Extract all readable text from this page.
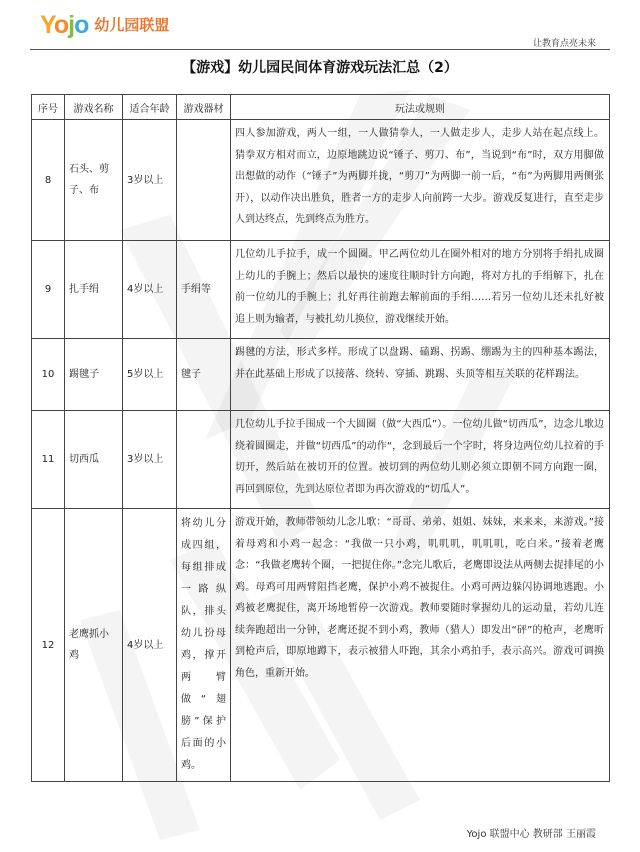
Yojo 幼儿园联盟
让教育点亮未来
【游戏】幼儿园民间体育游戏玩法汇总（2）
序号	游戏名称	适合年龄	游戏器材	玩法或规则
8	石头、剪子、布	3岁以上		四人参加游戏，两人一组，一人做猜拳人，一人做走步人，走步人站在起点线上。猜拳双方相对而立，边原地跳边说“锤子、剪刀、布”，当说到“布”时，双方用脚做出想做的动作（“锤子”为两脚并拢，“剪刀”为两脚一前一后，“布”为两脚用两侧张开），以动作决出胜负，胜者一方的走步人向前跨一大步。游戏反复进行，直至走步人到达终点，先到终点为胜方。
9	扎手绢	4岁以上	手绢等	几位幼儿手拉手，成一个圆圈。甲乙两位幼儿在圈外相对的地方分别将手绢扎成圈上幼儿的手腕上；然后以最快的速度往顺时针方向跑，将对方扎的手绢解下，扎在前一位幼儿的手腕上；扎好再往前跑去解前面的手绢……若另一位幼儿还未扎好被追上则为输者，与被扎幼儿换位，游戏继续开始。
10	踢毽子	5岁以上	毽子	踢毽的方法，形式多样。形成了以盘踢、磕踢、拐踢、绷踢为主的四种基本踢法，并在此基础上形成了以接落、绕转、穿插、跳踢、头顶等相互关联的花样踢法。
11	切西瓜	3岁以上		几位幼儿手拉手围成一个大圆圈（做“大西瓜”）。一位幼儿做“切西瓜”，边念儿歌边绕着圆圈走，并做“切西瓜”的动作“，念到最后一个字时，将身边两位幼儿拉着的手切开，然后站在被切开的位置。被切到的两位幼儿则必须立即朝不同方向跑一圈，再回到原位，先到达原位者即为再次游戏的“切瓜人”。
12	老鹰抓小鸡	4岁以上	将幼儿分成四组，每组排成一路纵队，排头幼儿扮母鸡，撑开两臂做“翅膀”保护后面的小鸡。	游戏开始，教师带领幼儿念儿歌：“哥哥、弟弟、姐姐、妹妹，来来来，来游戏。”接着母鸡和小鸡一起念：“我做一只小鸡，叽叽叽，叽叽叽，吃白米。”接着老鹰念：“我做老鹰转个圈，一把捉住你。”念完儿歌后，老鹰即设法从两侧去捉排尾的小鸡。母鸡可用两臂阻挡老鹰，保护小鸡不被捉住。小鸡可两边躲闪协调地逃跑。小鸡被老鹰捉住，离开场地暂停一次游戏。教师要随时掌握幼儿的运动量，若幼儿连续奔跑超出一分钟，老鹰还捉不到小鸡，教师（猎人）即发出“砰”的枪声，老鹰听到枪声后，即原地蹲下，表示被猎人吓跑，其余小鸡拍手，表示高兴。游戏可调换角色，重新开始。
Yojo 联盟中心 教研部 王丽霞
